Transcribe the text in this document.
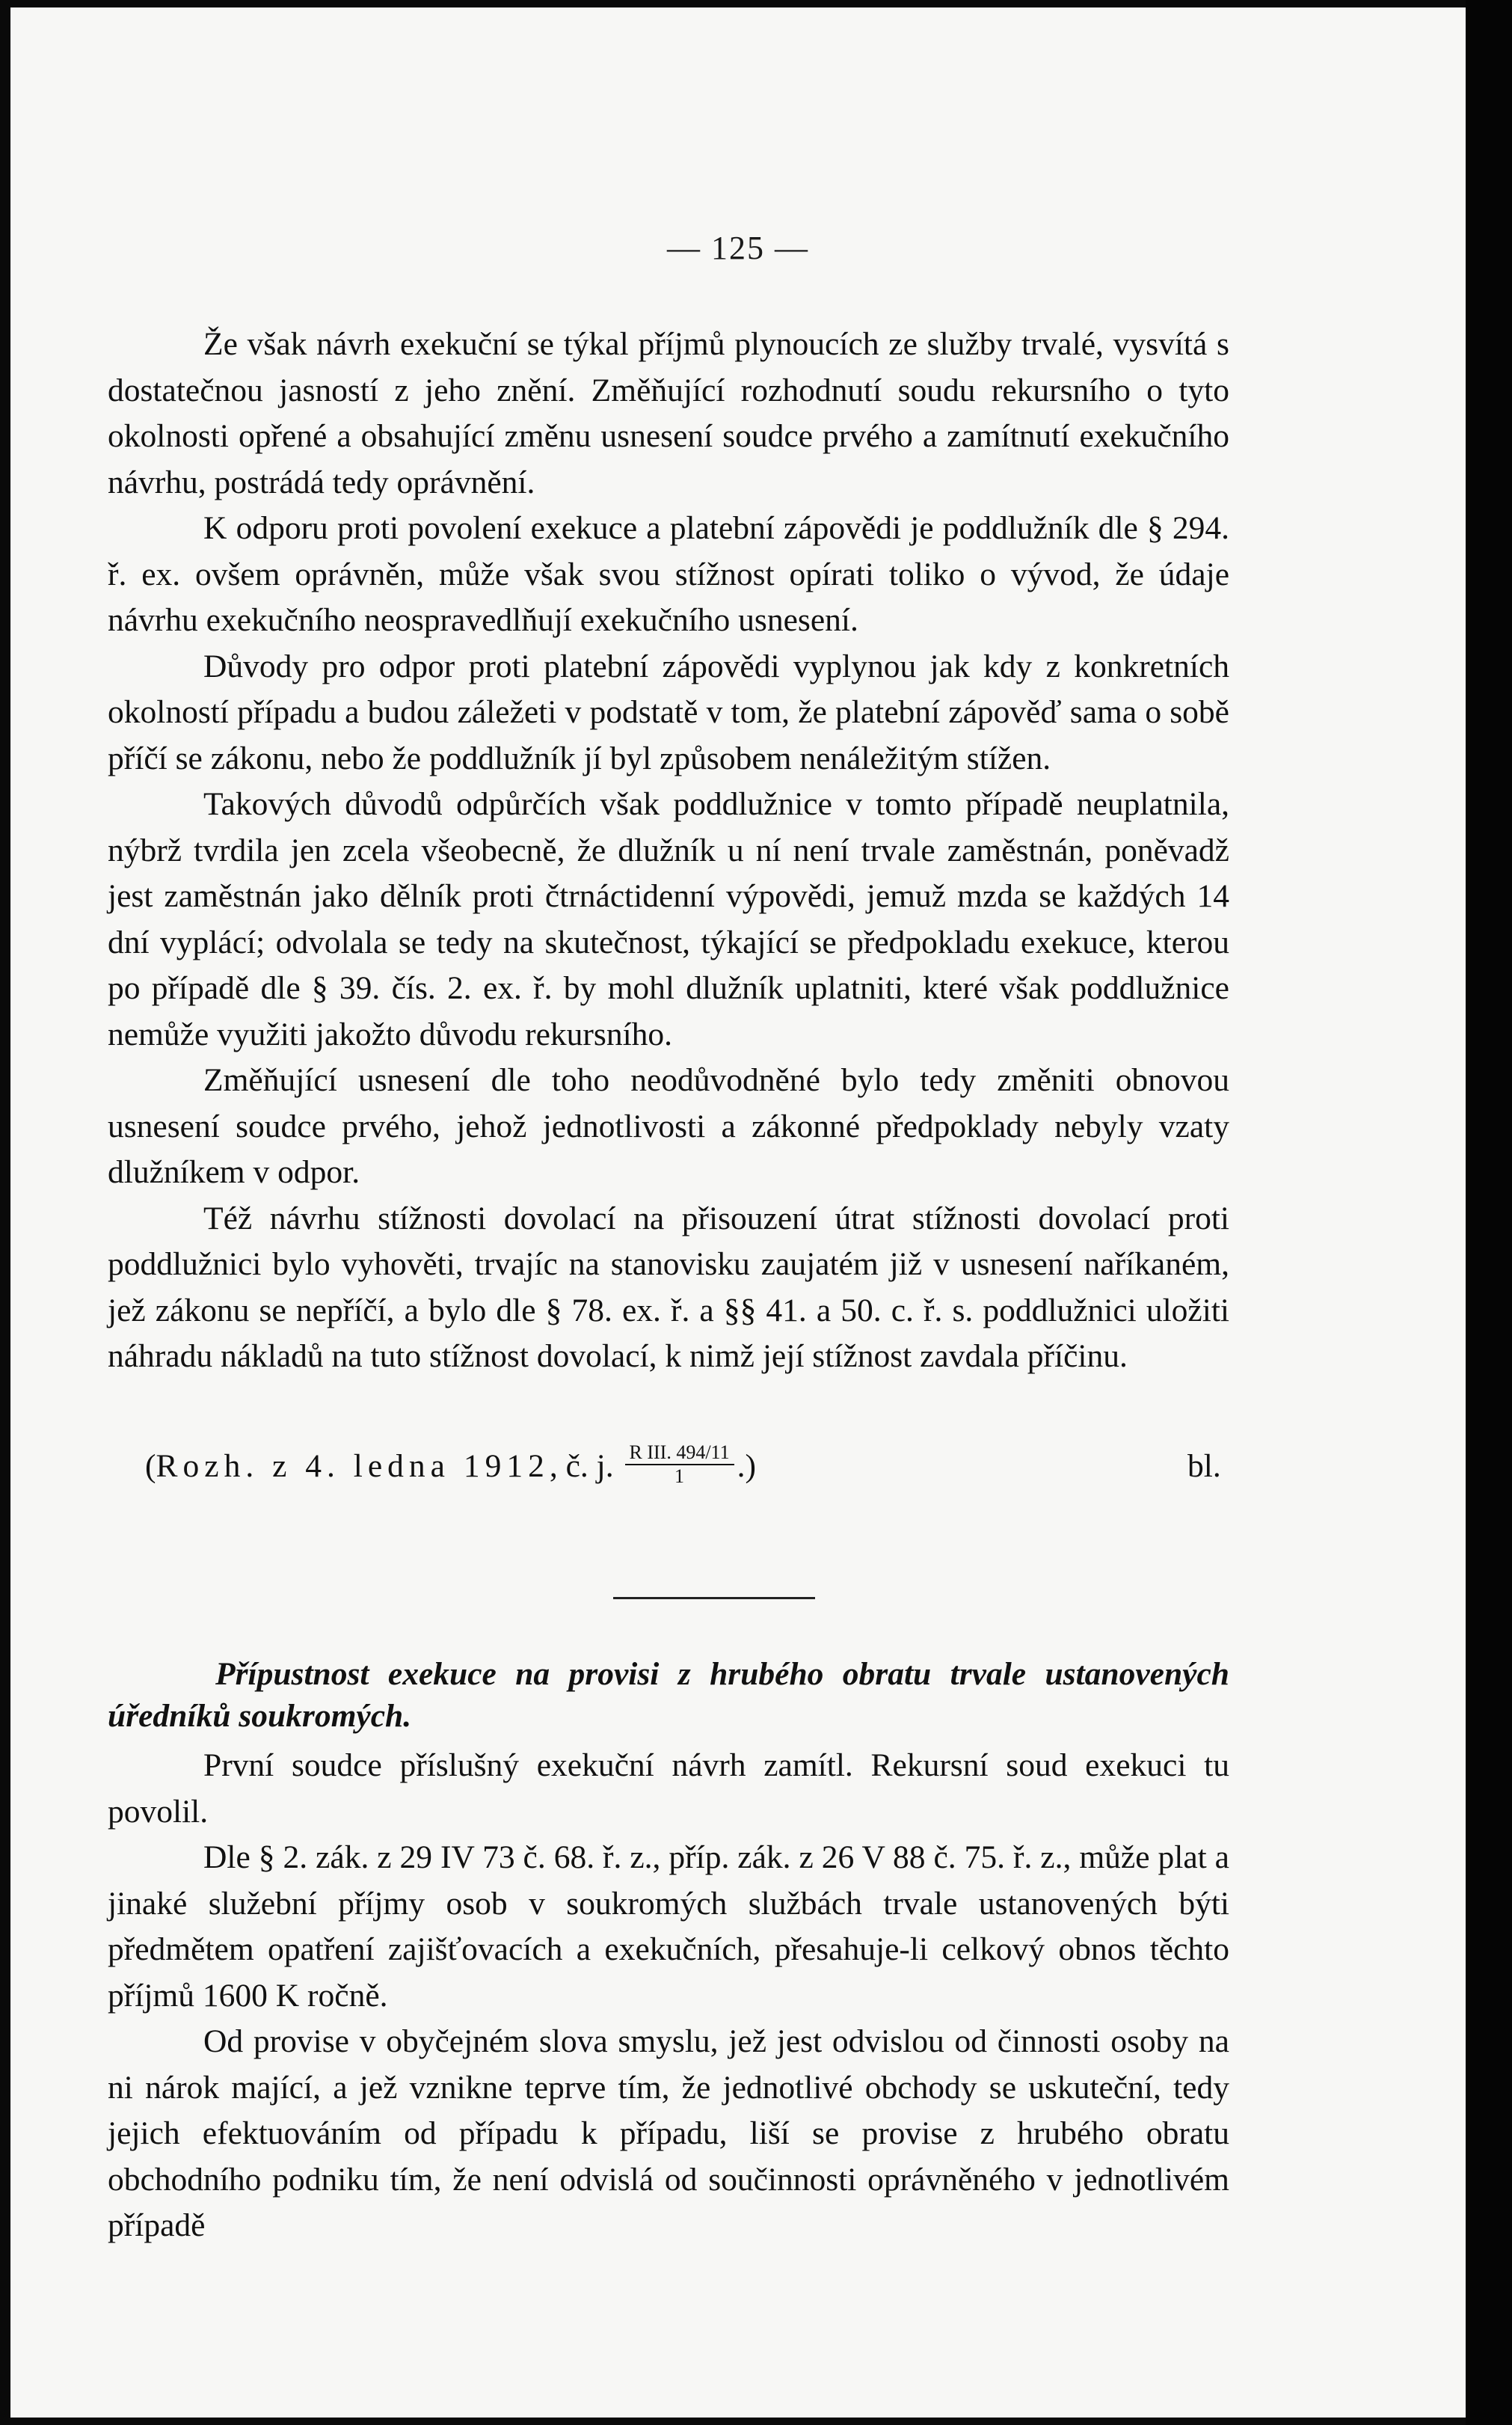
— 125 —

Že však návrh exekuční se týkal příjmů plynoucích ze služby trvalé, vysvítá s dostatečnou jasností z jeho znění. Změňující rozhodnutí soudu rekursního o tyto okolnosti opřené a obsahující změnu usnesení soudce prvého a zamítnutí exekučního návrhu, postrádá tedy oprávnění.

K odporu proti povolení exekuce a platební zápovědi je poddlužník dle § 294. ř. ex. ovšem oprávněn, může však svou stížnost opírati toliko o vývod, že údaje návrhu exekučního neospravedlňují exekučního usnesení.

Důvody pro odpor proti platební zápovědi vyplynou jak kdy z konkretních okolností případu a budou záležeti v podstatě v tom, že platební zápověď sama o sobě příčí se zákonu, nebo že poddlužník jí byl způsobem nenáležitým stížen.

Takových důvodů odpůrčích však poddlužnice v tomto případě neuplatnila, nýbrž tvrdila jen zcela všeobecně, že dlužník u ní není trvale zaměstnán, poněvadž jest zaměstnán jako dělník proti čtrnáctidenní výpovědi, jemuž mzda se každých 14 dní vyplácí; odvolala se tedy na skutečnost, týkající se předpokladu exekuce, kterou po případě dle § 39. čís. 2. ex. ř. by mohl dlužník uplatniti, které však poddlužnice nemůže využiti jakožto důvodu rekursního.

Změňující usnesení dle toho neodůvodněné bylo tedy změniti obnovou usnesení soudce prvého, jehož jednotlivosti a zákonné předpoklady nebyly vzaty dlužníkem v odpor.

Též návrhu stížnosti dovolací na přisouzení útrat stížnosti dovolací proti poddlužnici bylo vyhověti, trvajíc na stanovisku zaujatém již v usnesení naříkaném, jež zákonu se nepříčí, a bylo dle § 78. ex. ř. a §§ 41. a 50. c. ř. s. poddlužnici uložiti náhradu nákladů na tuto stížnost dovolací, k nimž její stížnost zavdala příčinu.

(Rozh. z 4. ledna 1912, č. j. $\frac{\text{R III. 494/11}}{1}$ .)	bl.
Přípustnost exekuce na provisi z hrubého obratu trvale ustanovených úředníků soukromých.

První soudce příslušný exekuční návrh zamítl. Rekursní soud exekuci tu povolil.

Dle § 2. zák. z 29 IV 73 č. 68. ř. z., příp. zák. z 26 V 88 č. 75. ř. z., může plat a jinaké služební příjmy osob v soukromých službách trvale ustanovených býti předmětem opatření zajišťovacích a exekučních, přesahuje-li celkový obnos těchto příjmů 1600 K ročně.

Od provise v obyčejném slova smyslu, jež jest odvislou od činnosti osoby na ni nárok mající, a jež vznikne teprve tím, že jednotlivé obchody se uskuteční, tedy jejich efektuováním od případu k případu, liší se provise z hrubého obratu obchodního podniku tím, že není odvislá od součinnosti oprávněného v jednotlivém případě
